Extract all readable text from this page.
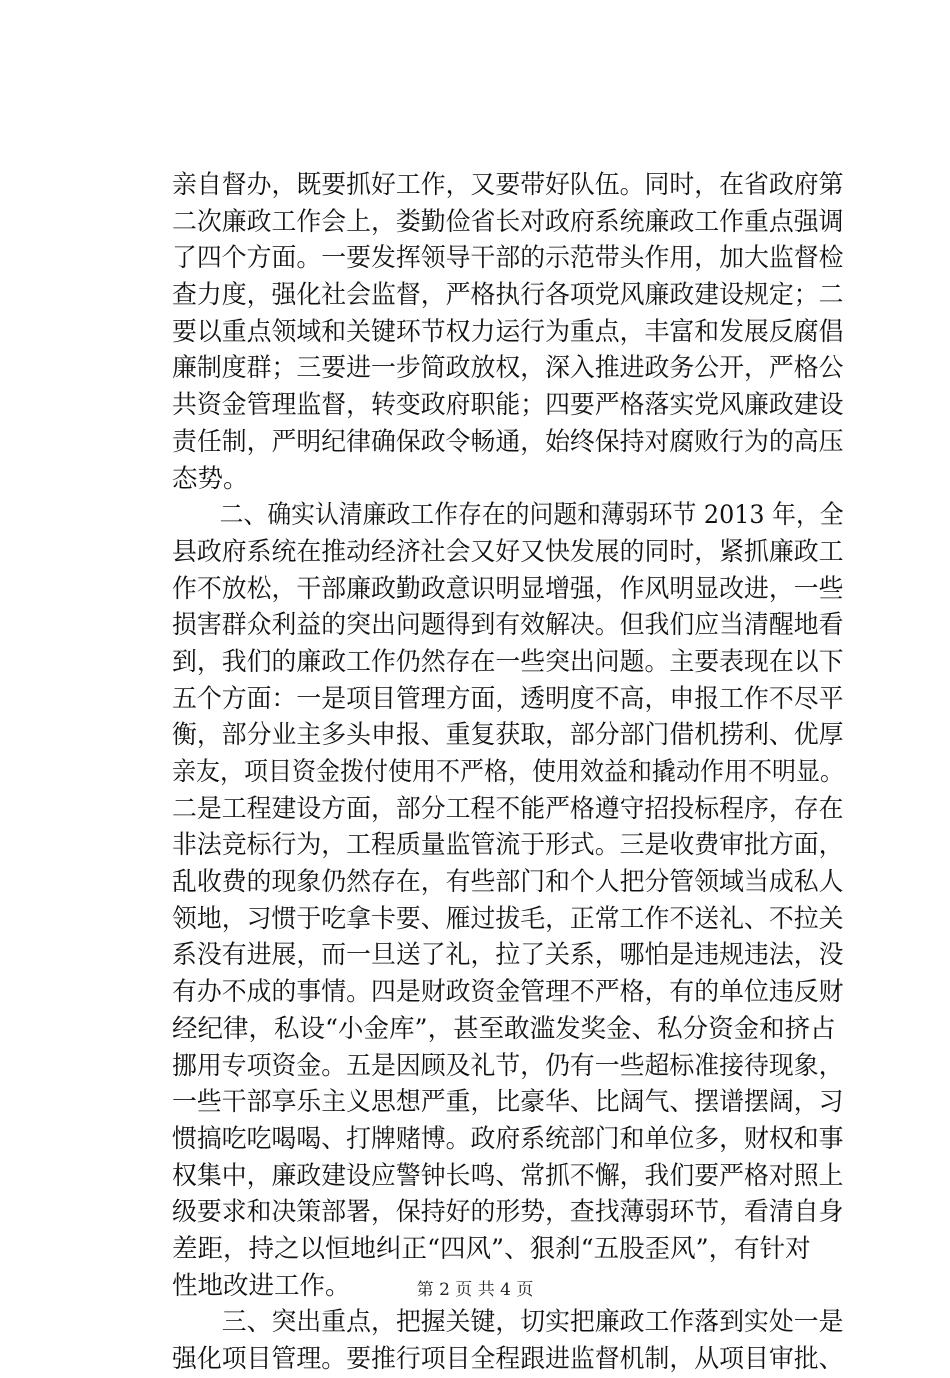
亲自督办，既要抓好工作，又要带好队伍。同时，在省政府第
二次廉政工作会上，娄勤俭省长对政府系统廉政工作重点强调
了四个方面。一要发挥领导干部的示范带头作用，加大监督检
查力度，强化社会监督，严格执行各项党风廉政建设规定；二
要以重点领域和关键环节权力运行为重点，丰富和发展反腐倡
廉制度群；三要进一步简政放权，深入推进政务公开，严格公
共资金管理监督，转变政府职能；四要严格落实党风廉政建设
责任制，严明纪律确保政令畅通，始终保持对腐败行为的高压
态势。
　　二、确实认清廉政工作存在的问题和薄弱环节 2013 年，全
县政府系统在推动经济社会又好又快发展的同时，紧抓廉政工
作不放松，干部廉政勤政意识明显增强，作风明显改进，一些
损害群众利益的突出问题得到有效解决。但我们应当清醒地看
到，我们的廉政工作仍然存在一些突出问题。主要表现在以下
五个方面：一是项目管理方面，透明度不高，申报工作不尽平
衡，部分业主多头申报、重复获取，部分部门借机捞利、优厚
亲友，项目资金拨付使用不严格，使用效益和撬动作用不明显。
二是工程建设方面，部分工程不能严格遵守招投标程序，存在
非法竞标行为，工程质量监管流于形式。三是收费审批方面，
乱收费的现象仍然存在，有些部门和个人把分管领域当成私人
领地，习惯于吃拿卡要、雁过拔毛，正常工作不送礼、不拉关
系没有进展，而一旦送了礼，拉了关系，哪怕是违规违法，没
有办不成的事情。四是财政资金管理不严格，有的单位违反财
经纪律，私设“小金库”，甚至敢滥发奖金、私分资金和挤占
挪用专项资金。五是因顾及礼节，仍有一些超标准接待现象，
一些干部享乐主义思想严重，比豪华、比阔气、摆谱摆阔，习
惯搞吃吃喝喝、打牌赌博。政府系统部门和单位多，财权和事
权集中，廉政建设应警钟长鸣、常抓不懈，我们要严格对照上
级要求和决策部署，保持好的形势，查找薄弱环节，看清自身
差距，持之以恒地纠正“四风”、狠刹“五股歪风”，有针对
性地改进工作。
　　三、突出重点，把握关键，切实把廉政工作落到实处一是
强化项目管理。要推行项目全程跟进监督机制，从项目审批、
第 2 页 共 4 页
